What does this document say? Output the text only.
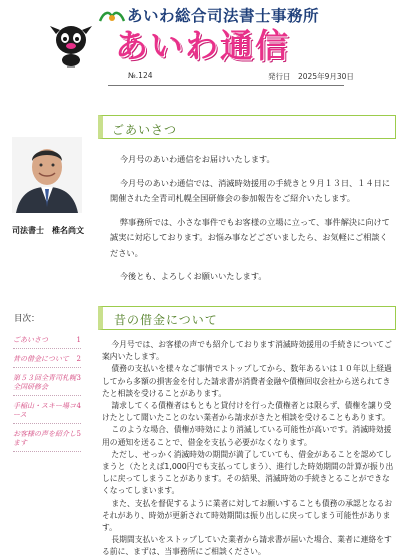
あいわ総合司法書士事務所
あいわ通信
№.124	発行日　2025年9月30日
ごあいさつ
司法書士　椎名尚文

今月号のあいわ通信をお届けいたします。

今月号のあいわ通信では、消滅時効援用の手続きと９月１３日、１４日に開催された全青司札幌全国研修会の参加報告をご紹介いたします。

弊事務所では、小さな事件でもお客様の立場に立って、事件解決に向けて誠実に対応しております。お悩み事などございましたら、お気軽にご相談ください。

今後とも、よろしくお願いいたします。

目次：
ごあいさつ	1
昔の借金について 2
第５３回全青司札幌全国研修会
3
手稲山・スキー場コース
4
お客様の声を紹介します
5
昔の借金について

今月号では、お客様の声でも紹介しております消滅時効援用の手続きについてご案内いたします。

債務の支払いを様々なご事情でストップしてから、数年あるいは１０年以上経過してから多額の損害金を付した請求書が消費者金融や債権回収会社から送られてきたと相談を受けることがあります。

請求してくる債権者はもともと貸付けを行った債権者とは限らず、債権を譲り受けたとして聞いたことのない業者から請求がきたと相談を受けることもあります。

このような場合、債権が時効により消滅している可能性が高いです。消滅時効援用の通知を送ることで、借金を支払う必要がなくなります。

ただし、せっかく消滅時効の期間が満了していても、借金があることを認めてしまうと（たとえば1,000円でも支払ってしまう）、進行した時効期間の計算が振り出しに戻ってしまうことがあります。その結果、消滅時効の手続きとることができなくなってしまいます。

また、支払を督促するように業者に対してお願いすることも債務の承認となるおそれがあり、時効が更新されて時効期間は振り出しに戻ってしまう可能性があります。

長期間支払いをストップしていた業者から請求書が届いた場合、業者に連絡をする前に、まずは、当事務所にご相談ください。
